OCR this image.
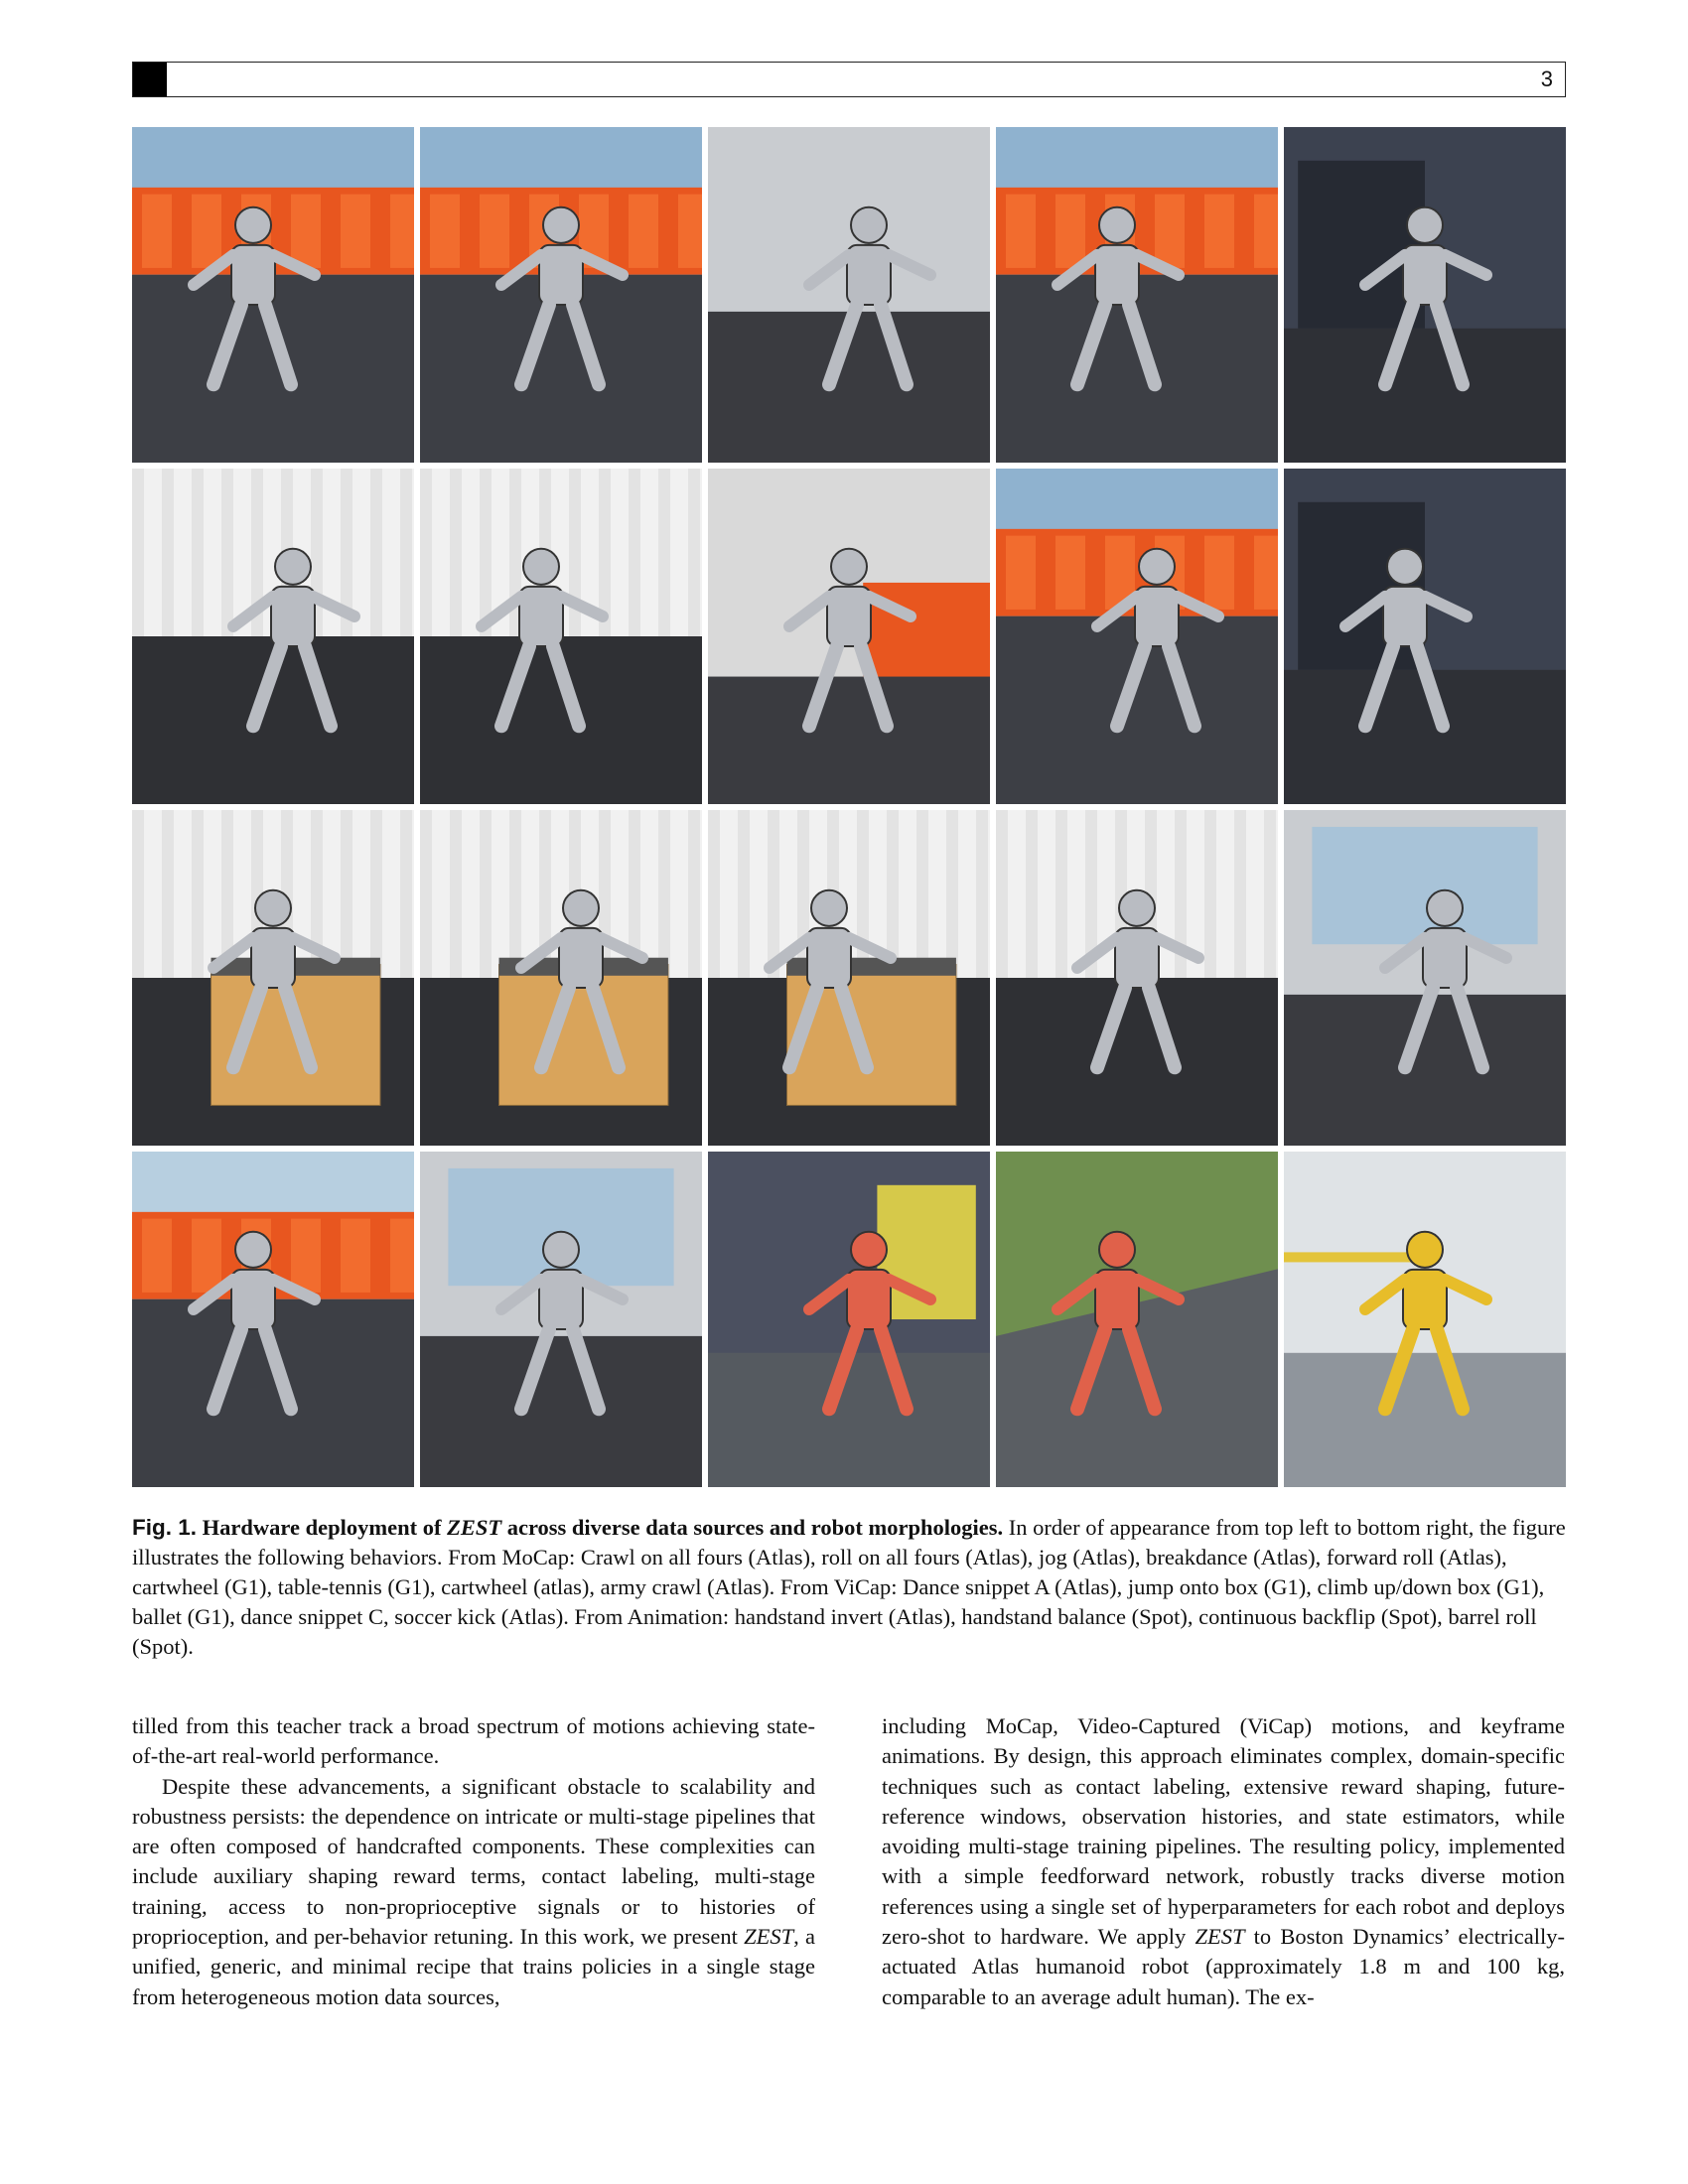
3
Fig. 1. Hardware deployment of ZEST across diverse data sources and robot morphologies. In order of appearance from top left to bottom right, the figure illustrates the following behaviors. From MoCap: Crawl on all fours (Atlas), roll on all fours (Atlas), jog (Atlas), breakdance (Atlas), forward roll (Atlas), cartwheel (G1), table-tennis (G1), cartwheel (atlas), army crawl (Atlas). From ViCap: Dance snippet A (Atlas), jump onto box (G1), climb up/down box (G1), ballet (G1), dance snippet C, soccer kick (Atlas). From Animation: handstand invert (Atlas), handstand balance (Spot), continuous backflip (Spot), barrel roll (Spot).

tilled from this teacher track a broad spectrum of motions achieving state-of-the-art real-world performance.

Despite these advancements, a significant obstacle to scalability and robustness persists: the dependence on intricate or multi-stage pipelines that are often composed of handcrafted components. These complexities can include auxiliary shaping reward terms, contact labeling, multi-stage training, access to non-proprioceptive signals or to histories of proprioception, and per-behavior retuning. In this work, we present ZEST, a unified, generic, and minimal recipe that trains policies in a single stage from heterogeneous motion data sources,

including MoCap, Video-Captured (ViCap) motions, and keyframe animations. By design, this approach eliminates complex, domain-specific techniques such as contact labeling, extensive reward shaping, future-reference windows, observation histories, and state estimators, while avoiding multi-stage training pipelines. The resulting policy, implemented with a simple feedforward network, robustly tracks diverse motion references using a single set of hyperparameters for each robot and deploys zero-shot to hardware. We apply ZEST to Boston Dynamics’ electrically-actuated Atlas humanoid robot (approximately 1.8 m and 100 kg, comparable to an average adult human). The ex-
